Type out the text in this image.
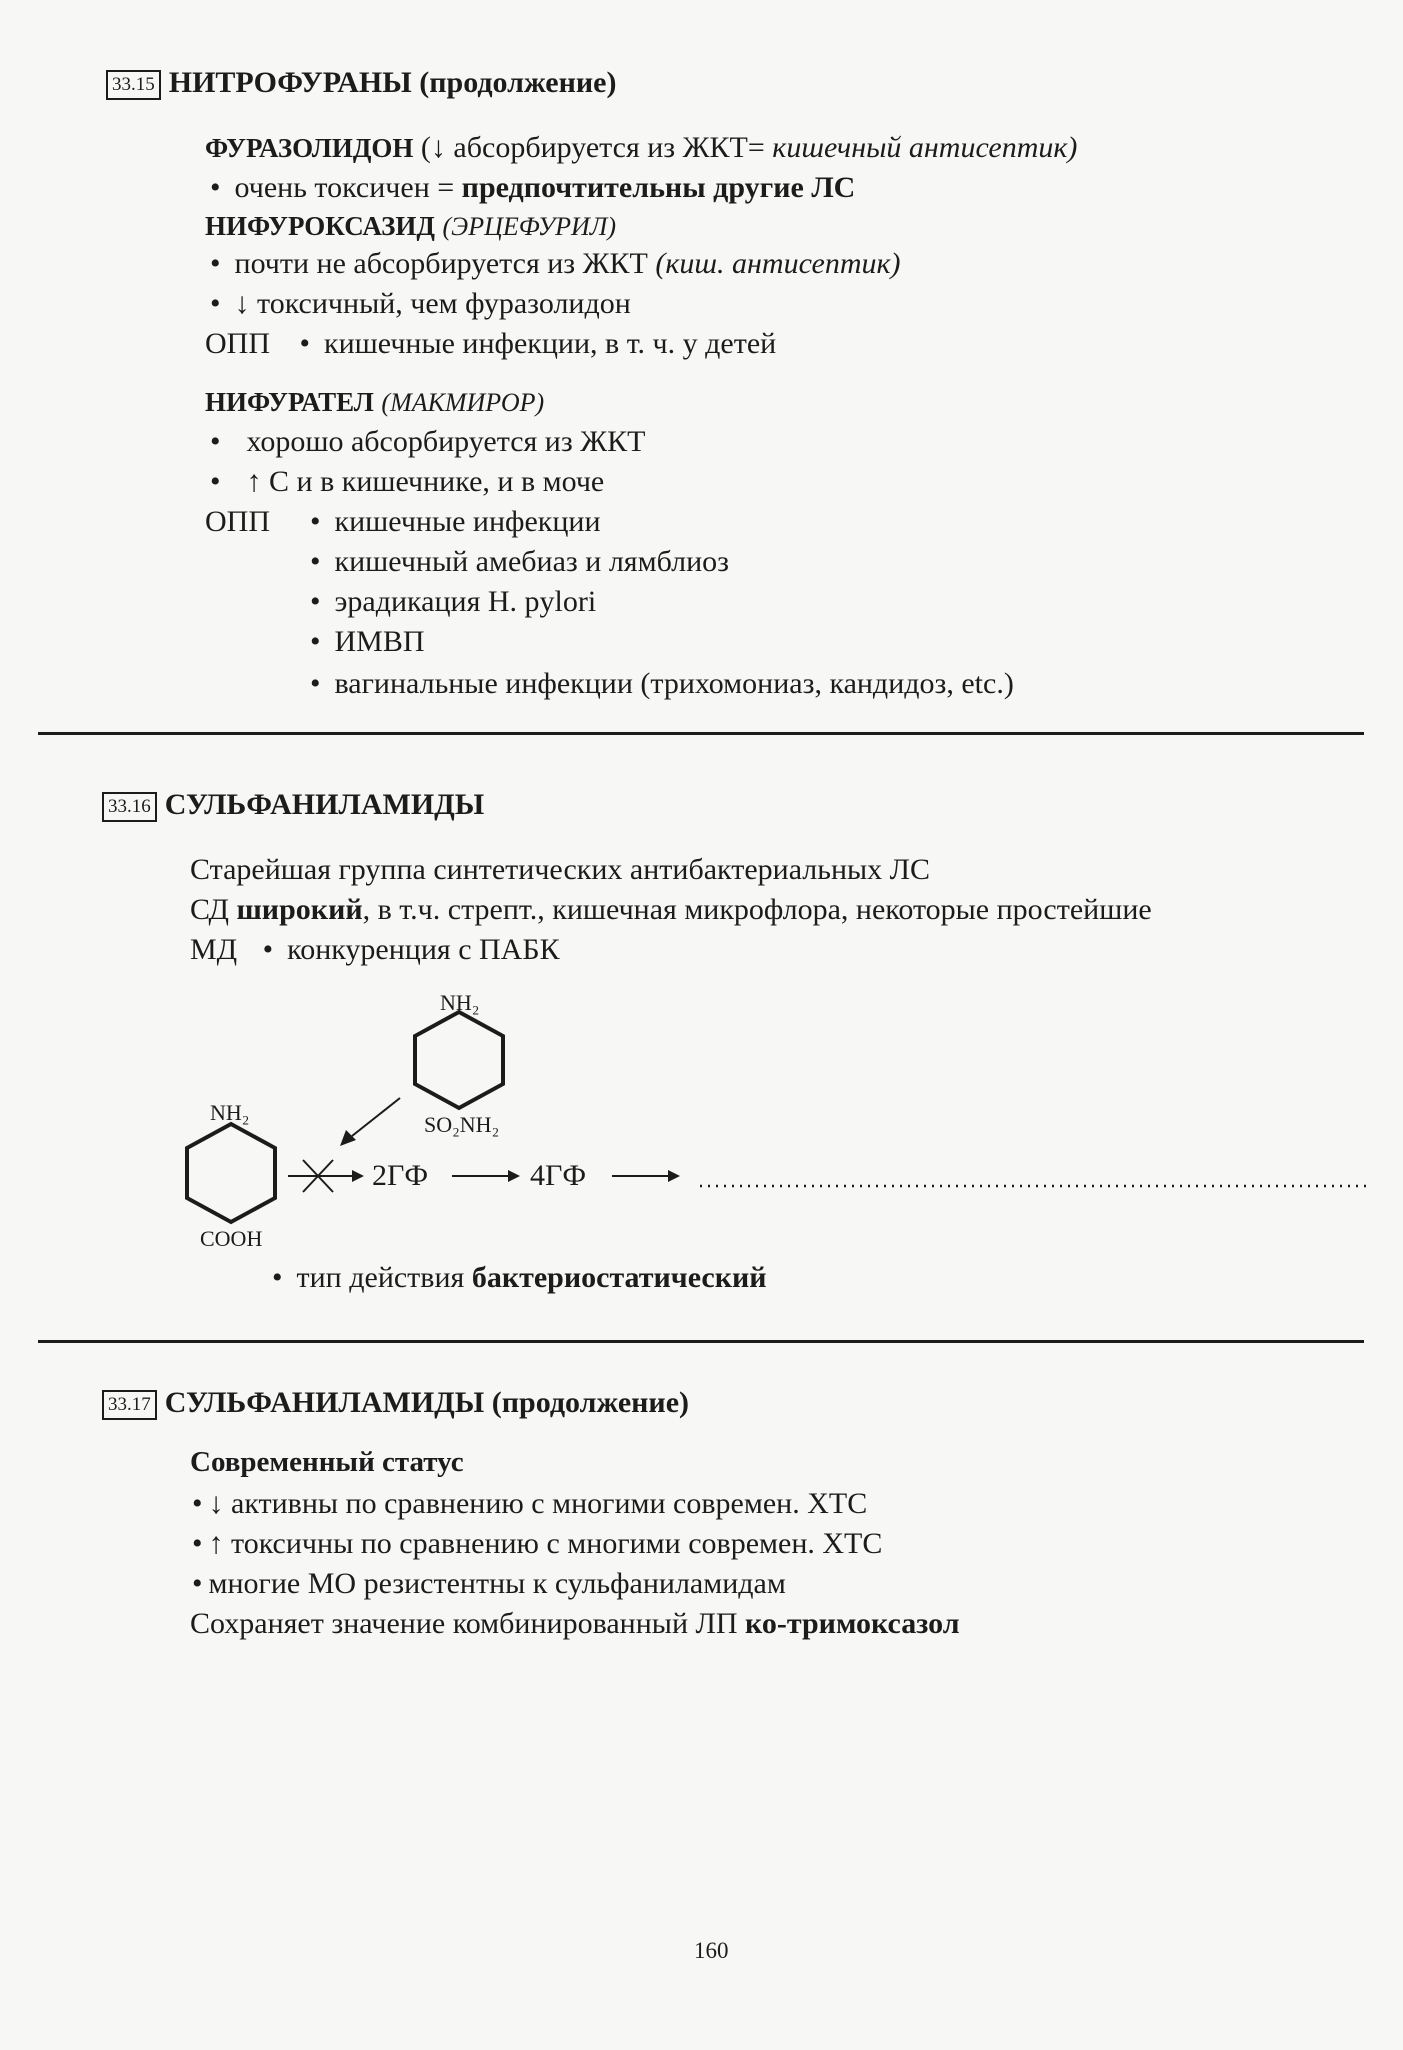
33.15 НИТРОФУРАНЫ (продолжение)
ФУРАЗОЛИДОН (↓ абсорбируется из ЖКТ= кишечный антисептик)
• очень токсичен = предпочтительны другие ЛС
НИФУРОКСАЗИД (ЭРЦЕФУРИЛ)
• почти не абсорбируется из ЖКТ (киш. антисептик)
• ↓ токсичный, чем фуразолидон
ОПП • кишечные инфекции, в т. ч. у детей
НИФУРАТЕЛ (МАКМИРОР)
• хорошо абсорбируется из ЖКТ
• ↑ С и в кишечнике, и в моче
ОПП • кишечные инфекции
• кишечный амебиаз и лямблиоз
• эрадикация H. pylori
• ИМВП
• вагинальные инфекции (трихомониаз, кандидоз, etc.)
33.16 СУЛЬФАНИЛАМИДЫ
Старейшая группа синтетических антибактериальных ЛС
СД широкий, в т.ч. стрепт., кишечная микрофлора, некоторые простейшие
МД • конкуренция с ПАБК
NH₂
SO₂NH₂
NH₂
COOH
2ГФ	4ГФ
• тип действия бактериостатический
33.17 СУЛЬФАНИЛАМИДЫ (продолжение)
Современный статус
• ↓ активны по сравнению с многими современ. ХТС
• ↑ токсичны по сравнению с многими современ. ХТС
• многие МО резистентны к сульфаниламидам
Сохраняет значение комбинированный ЛП ко-тримоксазол
160
